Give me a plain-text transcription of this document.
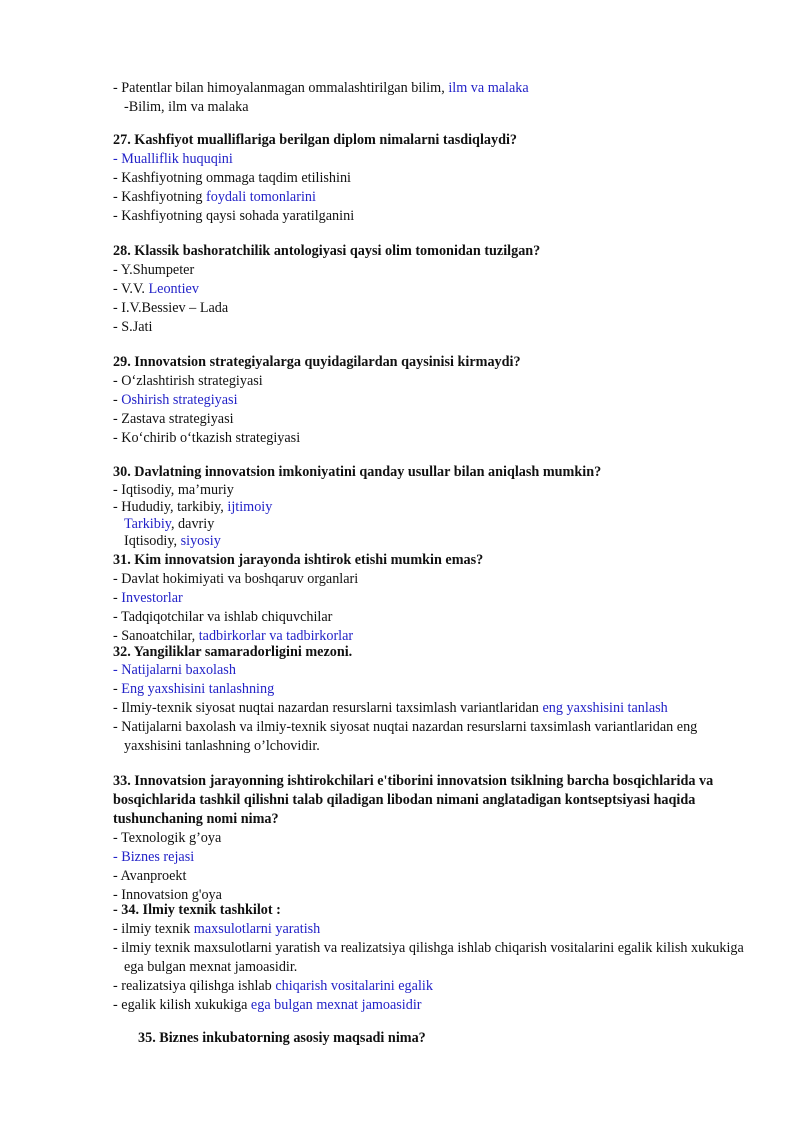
- Patentlar bilan himoyalanmagan ommalashtirilgan bilim, ilm va malaka
-Bilim, ilm va malaka
27. Kashfiyot mualliflariga berilgan diplom nimalarni tasdiqlaydi?
- Mualliflik huquqini
- Kashfiyotning ommaga taqdim etilishini
- Kashfiyotning foydali tomonlarini
- Kashfiyotning qaysi sohada yaratilganini
28. Klassik bashoratchilik antologiyasi qaysi olim tomonidan tuzilgan?
- Y.Shumpeter
- V.V. Leontiev
- I.V.Bessiev – Lada
- S.Jati
29. Innovatsion strategiyalarga quyidagilardan qaysinisi kirmaydi?
- O‘zlashtirish strategiyasi
- Oshirish strategiyasi
- Zastava strategiyasi
- Ko‘chirib o‘tkazish strategiyasi
30. Davlatning innovatsion imkoniyatini qanday usullar bilan aniqlash mumkin?
- Iqtisodiy, ma’muriy
- Hududiy, tarkibiy, ijtimoiy
Tarkibiy, davriy
Iqtisodiy, siyosiy
31. Kim innovatsion jarayonda ishtirok etishi mumkin emas?
- Davlat hokimiyati va boshqaruv organlari
- Investorlar
- Tadqiqotchilar va ishlab chiquvchilar
- Sanoatchilar, tadbirkorlar va tadbirkorlar
32. Yangiliklar samaradorligini mezoni.
- Natijalarni baxolash
- Eng yaxshisini tanlashning
- Ilmiy-texnik siyosat nuqtai nazardan resurslarni taxsimlash variantlaridan eng yaxshisini tanlash
- Natijalarni baxolash va ilmiy-texnik siyosat nuqtai nazardan resurslarni taxsimlash variantlaridan eng yaxshisini tanlashning o’lchovidir.
33. Innovatsion jarayonning ishtirokchilari e'tiborini innovatsion tsiklning barcha bosqichlarida va bosqichlarida tashkil qilishni talab qiladigan libodan nimani anglatadigan kontseptsiyasi haqida tushunchaning nomi nima?
- Texnologik g’oya
- Biznes rejasi
- Avanproekt
- Innovatsion g'oya
- 34. Ilmiy texnik tashkilot :
- ilmiy texnik maxsulotlarni yaratish
- ilmiy texnik maxsulotlarni yaratish va realizatsiya qilishga ishlab chiqarish vositalarini egalik kilish xukukiga ega bulgan mexnat jamoasidir.
- realizatsiya qilishga ishlab chiqarish vositalarini egalik
- egalik kilish xukukiga ega bulgan mexnat jamoasidir
35. Biznes inkubatorning asosiy maqsadi nima?
